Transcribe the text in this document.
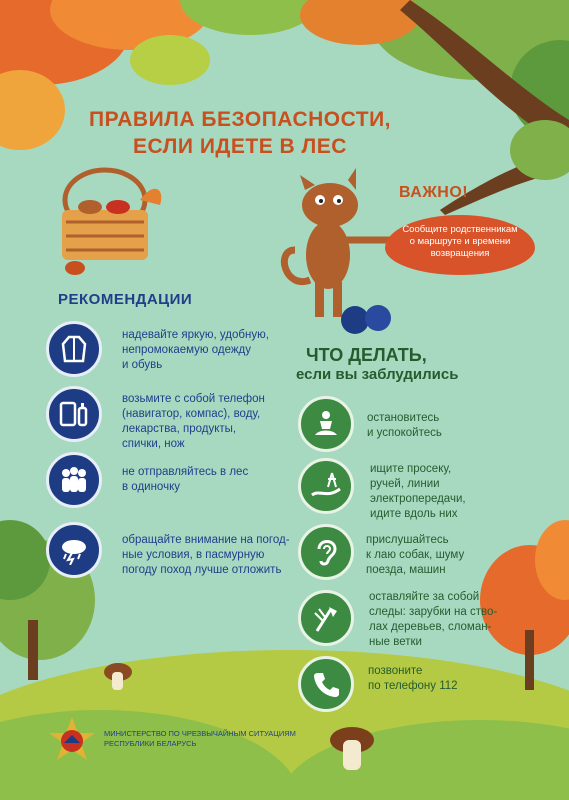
ПРАВИЛА БЕЗОПАСНОСТИ,
ЕСЛИ ИДЕТЕ В ЛЕС
ВАЖНО!
Сообщите родственникам
о маршруте и времени
возвращения
РЕКОМЕНДАЦИИ
надевайте яркую, удобную,
непромокаемую одежду
и обувь
возьмите с собой телефон
(навигатор, компас), воду,
лекарства, продукты,
спички, нож
не отправляйтесь в лес
в одиночку
обращайте внимание на погод-
ные условия, в пасмурную
погоду поход лучше отложить
ЧТО ДЕЛАТЬ,
если вы заблудились
остановитесь
и успокойтесь
ищите просеку,
ручей, линии
электропередачи,
идите вдоль них
прислушайтесь
к лаю собак, шуму
поезда, машин
оставляйте за собой
следы: зарубки на ство-
лах деревьев, сломан-
ные ветки
позвоните
по телефону 112
МИНИСТЕРСТВО ПО ЧРЕЗВЫЧАЙНЫМ СИТУАЦИЯМ
РЕСПУБЛИКИ БЕЛАРУСЬ
